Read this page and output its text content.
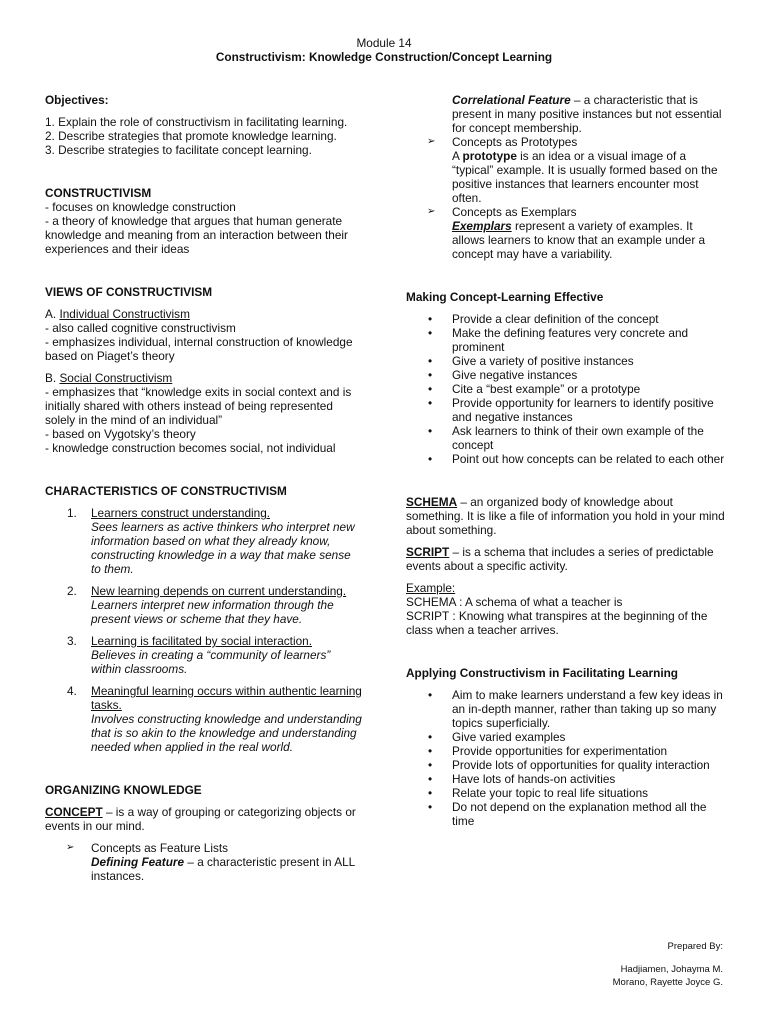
Module 14
Constructivism: Knowledge Construction/Concept Learning

Objectives:

1. Explain the role of constructivism in facilitating learning.

2. Describe strategies that promote knowledge learning.

3. Describe strategies to facilitate concept learning.

CONSTRUCTIVISM

- focuses on knowledge construction

- a theory of knowledge that argues that human generate knowledge and meaning from an interaction between their experiences and their ideas

VIEWS OF CONSTRUCTIVISM

A. Individual Constructivism

- also called cognitive constructivism

- emphasizes individual, internal construction of knowledge based on Piaget’s theory

B. Social Constructivism

- emphasizes that “knowledge exits in social context and is initially shared with others instead of being represented solely in the mind of an individual”

- based on Vygotsky’s theory

- knowledge construction becomes social, not individual

CHARACTERISTICS OF CONSTRUCTIVISM

1. Learners construct understanding.
Sees learners as active thinkers who interpret new information based on what they already know, constructing knowledge in a way that make sense to them.
2. New learning depends on current understanding.
Learners interpret new information through the present views or scheme that they have.
3. Learning is facilitated by social interaction.
Believes in creating a “community of learners” within classrooms.
4. Meaningful learning occurs within authentic learning tasks.
Involves constructing knowledge and understanding that is so akin to the knowledge and understanding needed when applied in the real world.

ORGANIZING KNOWLEDGE

CONCEPT – is a way of grouping or categorizing objects or events in our mind.

➢ Concepts as Feature Lists
Defining Feature – a characteristic present in ALL instances.
Correlational Feature – a characteristic that is present in many positive instances but not essential for concept membership.
➢ Concepts as Prototypes
A prototype is an idea or a visual image of a “typical” example. It is usually formed based on the positive instances that learners encounter most often.
➢ Concepts as Exemplars
Exemplars represent a variety of examples. It allows learners to know that an example under a concept may have a variability.

Making Concept-Learning Effective

• Provide a clear definition of the concept
• Make the defining features very concrete and prominent
• Give a variety of positive instances
• Give negative instances
• Cite a “best example” or a prototype
• Provide opportunity for learners to identify positive and negative instances
• Ask learners to think of their own example of the concept
• Point out how concepts can be related to each other

SCHEMA – an organized body of knowledge about something. It is like a file of information you hold in your mind about something.

SCRIPT – is a schema that includes a series of predictable events about a specific activity.

Example:

SCHEMA : A schema of what a teacher is

SCRIPT : Knowing what transpires at the beginning of the class when a teacher arrives.

Applying Constructivism in Facilitating Learning

• Aim to make learners understand a few key ideas in an in-depth manner, rather than taking up so many topics superficially.
• Give varied examples
• Provide opportunities for experimentation
• Provide lots of opportunities for quality interaction
• Have lots of hands-on activities
• Relate your topic to real life situations
• Do not depend on the explanation method all the time
Prepared By:
Hadjiamen, Johayma M.
Morano, Rayette Joyce G.
